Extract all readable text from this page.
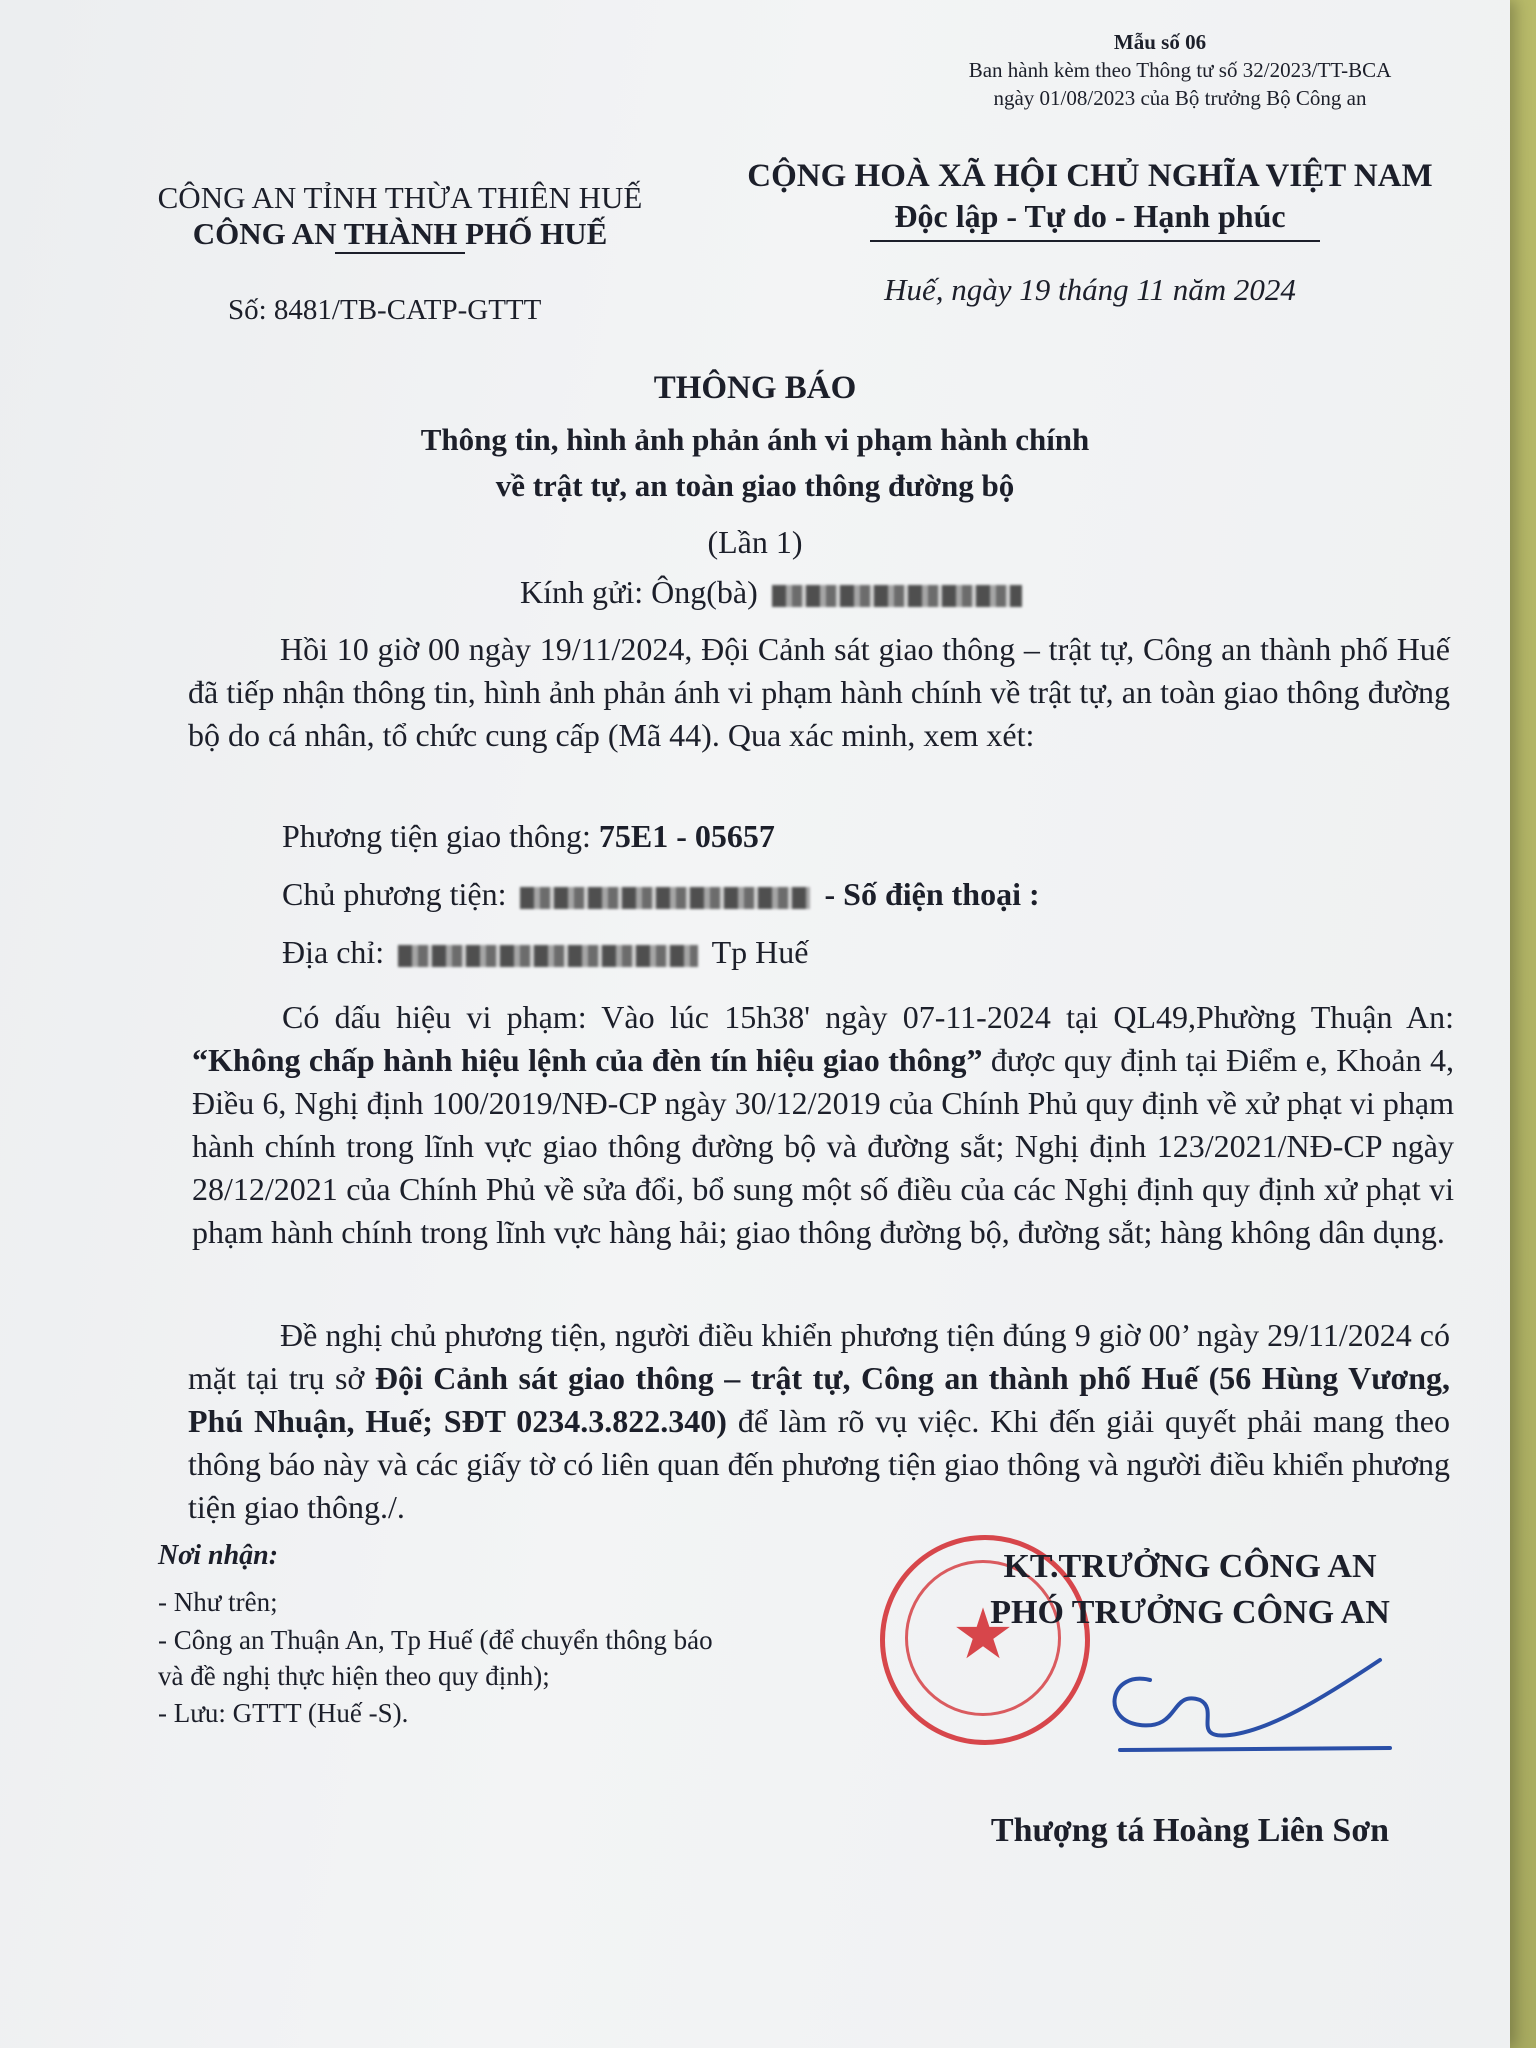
Mẫu số 06
Ban hành kèm theo Thông tư số 32/2023/TT-BCA
ngày 01/08/2023 của Bộ trưởng Bộ Công an
CÔNG AN TỈNH THỪA THIÊN HUẾ
CÔNG AN THÀNH PHỐ HUẾ
Số: 8481/TB-CATP-GTTT
CỘNG HOÀ XÃ HỘI CHỦ NGHĨA VIỆT NAM
Độc lập - Tự do - Hạnh phúc
Huế, ngày 19 tháng 11 năm 2024
THÔNG BÁO
Thông tin, hình ảnh phản ánh vi phạm hành chính
về trật tự, an toàn giao thông đường bộ
(Lần 1)
Kính gửi: Ông(bà)
Hồi 10 giờ 00 ngày 19/11/2024, Đội Cảnh sát giao thông – trật tự, Công an thành phố Huế đã tiếp nhận thông tin, hình ảnh phản ánh vi phạm hành chính về trật tự, an toàn giao thông đường bộ do cá nhân, tổ chức cung cấp (Mã 44). Qua xác minh, xem xét:
Phương tiện giao thông: 75E1 - 05657
Chủ phương tiện:	- Số điện thoại :
Địa chỉ:	Tp Huế
Có dấu hiệu vi phạm: Vào lúc 15h38' ngày 07-11-2024 tại QL49,Phường Thuận An: “Không chấp hành hiệu lệnh của đèn tín hiệu giao thông” được quy định tại Điểm e, Khoản 4, Điều 6, Nghị định 100/2019/NĐ-CP ngày 30/12/2019 của Chính Phủ quy định về xử phạt vi phạm hành chính trong lĩnh vực giao thông đường bộ và đường sắt; Nghị định 123/2021/NĐ-CP ngày 28/12/2021 của Chính Phủ về sửa đổi, bổ sung một số điều của các Nghị định quy định xử phạt vi phạm hành chính trong lĩnh vực hàng hải; giao thông đường bộ, đường sắt; hàng không dân dụng.
Đề nghị chủ phương tiện, người điều khiển phương tiện đúng 9 giờ 00’ ngày 29/11/2024 có mặt tại trụ sở Đội Cảnh sát giao thông – trật tự, Công an thành phố Huế (56 Hùng Vương, Phú Nhuận, Huế; SĐT 0234.3.822.340) để làm rõ vụ việc. Khi đến giải quyết phải mang theo thông báo này và các giấy tờ có liên quan đến phương tiện giao thông và người điều khiển phương tiện giao thông./.
Nơi nhận:
- Như trên;
- Công an Thuận An, Tp Huế (để chuyển thông báo
và đề nghị thực hiện theo quy định);
- Lưu: GTTT (Huế -S).
★
KT.TRƯỞNG CÔNG AN
PHÓ TRƯỞNG CÔNG AN
Thượng tá Hoàng Liên Sơn
